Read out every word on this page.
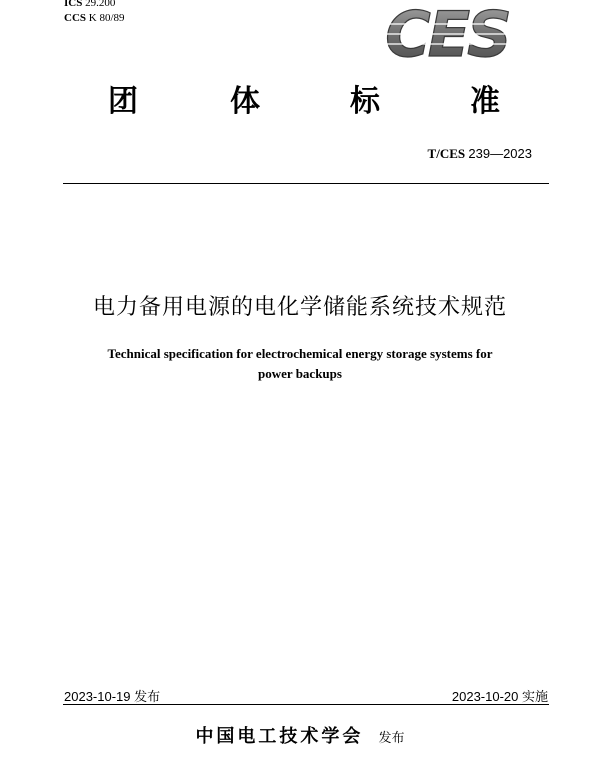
ICS 29.200
CCS K 80/89	CES
团	体	标	准
T/CES 239—2023
电力备用电源的电化学储能系统技术规范
Technical specification for electrochemical energy storage systems for
power backups
2023-10-19 发布	2023-10-20 实施
中国电工技术学会 发布
